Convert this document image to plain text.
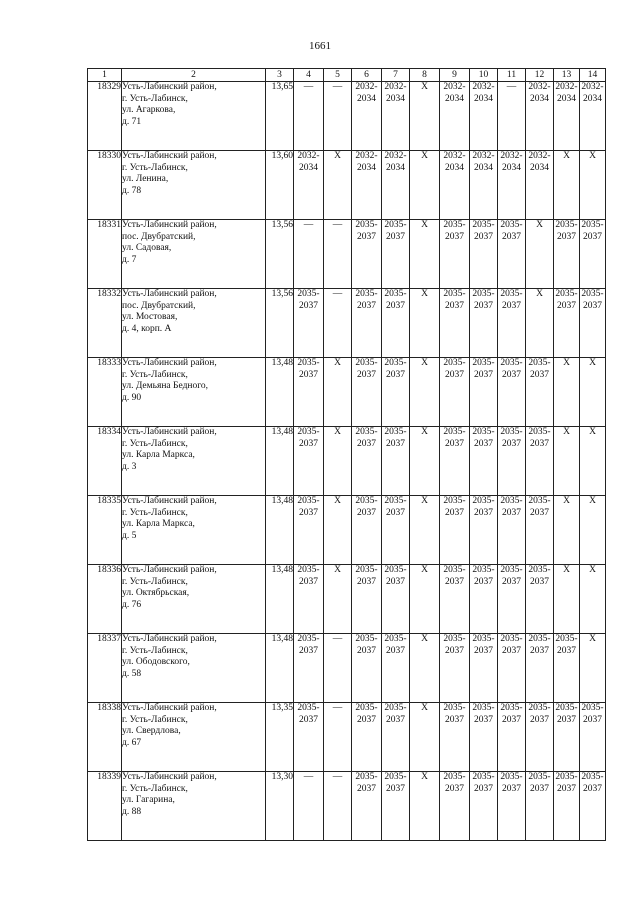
1661
1	2	3	4	5	6	7	8	9	10	11	12	13	14
18329	Усть-Лабинский район,
г. Усть-Лабинск,
ул. Агаркова,
д. 71	13,65	—	—	2032-
2034	2032-
2034	X	2032-
2034	2032-
2034	—	2032-
2034	2032-
2034	2032-
2034

18330	Усть-Лабинский район,
г. Усть-Лабинск,
ул. Ленина,
д. 78	13,60	2032-
2034	X	2032-
2034	2032-
2034	X	2032-
2034	2032-
2034	2032-
2034	2032-
2034	X	X

18331	Усть-Лабинский район,
пос. Двубратский,
ул. Садовая,
д. 7	13,56	—	—	2035-
2037	2035-
2037	X	2035-
2037	2035-
2037	2035-
2037	X	2035-
2037	2035-
2037

18332	Усть-Лабинский район,
пос. Двубратский,
ул. Мостовая,
д. 4, корп. А	13,56	2035-
2037	—	2035-
2037	2035-
2037	X	2035-
2037	2035-
2037	2035-
2037	X	2035-
2037	2035-
2037

18333	Усть-Лабинский район,
г. Усть-Лабинск,
ул. Демьяна Бедного,
д. 90	13,48	2035-
2037	X	2035-
2037	2035-
2037	X	2035-
2037	2035-
2037	2035-
2037	2035-
2037	X	X

18334	Усть-Лабинский район,
г. Усть-Лабинск,
ул. Карла Маркса,
д. 3	13,48	2035-
2037	X	2035-
2037	2035-
2037	X	2035-
2037	2035-
2037	2035-
2037	2035-
2037	X	X

18335	Усть-Лабинский район,
г. Усть-Лабинск,
ул. Карла Маркса,
д. 5	13,48	2035-
2037	X	2035-
2037	2035-
2037	X	2035-
2037	2035-
2037	2035-
2037	2035-
2037	X	X

18336	Усть-Лабинский район,
г. Усть-Лабинск,
ул. Октябрьская,
д. 76	13,48	2035-
2037	X	2035-
2037	2035-
2037	X	2035-
2037	2035-
2037	2035-
2037	2035-
2037	X	X

18337	Усть-Лабинский район,
г. Усть-Лабинск,
ул. Ободовского,
д. 58	13,48	2035-
2037	—	2035-
2037	2035-
2037	X	2035-
2037	2035-
2037	2035-
2037	2035-
2037	2035-
2037	X

18338	Усть-Лабинский район,
г. Усть-Лабинск,
ул. Свердлова,
д. 67	13,35	2035-
2037	—	2035-
2037	2035-
2037	X	2035-
2037	2035-
2037	2035-
2037	2035-
2037	2035-
2037	2035-
2037

18339	Усть-Лабинский район,
г. Усть-Лабинск,
ул. Гагарина,
д. 88	13,30	—	—	2035-
2037	2035-
2037	X	2035-
2037	2035-
2037	2035-
2037	2035-
2037	2035-
2037	2035-
2037
